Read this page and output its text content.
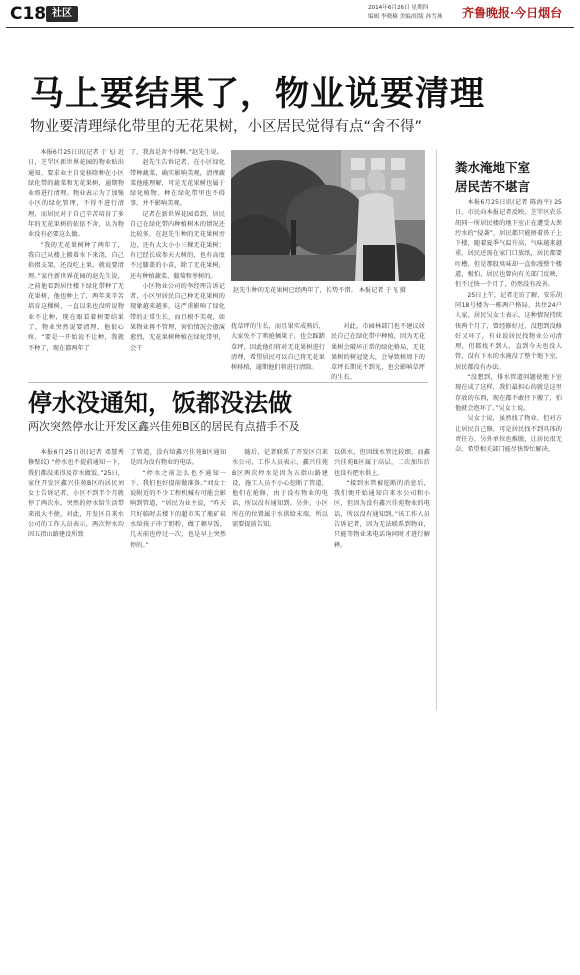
C18 社区	2014年6月26日 星期四
编辑 李晓楠 美编/组版 孙雪燕 齐鲁晚报·今日烟台
马上要结果了，物业说要清理
物业要清理绿化带里的无花果树，小区居民觉得有点“舍不得”

本报6月25日讯(记者 于飞) 近日，芝罘区新世界花园的物业贴出通知，要求业主自觉移除种在小区绿化带的蔬菜和无花果树，逾期物业将进行清理。物业表示为了加强小区的绿化管理，不得不进行清理，而居民对于自己辛苦培育了多年的无花果树的依依不舍，认为物业没有必要这么做。

“我的无花果树种了两年了，我自己从楼上搬着水下来浇，自己拾掇支架，还没吃上果，就说要清理。”家住新世界花园的赵先生说，之前他看到居住楼下绿化带种了无花果树，他也种上了，两年来辛苦培育这棵树，一直以来也没听说物业不让种，现在眼看着树要结果了，物业突然说要清理，他很心疼，“要是一开始说不让种，我就不种了，现在都两年了

了，我真是舍不得啊。”赵先生说。

赵先生告诉记者，在小区绿化带种蔬菜，确实影响美观，清理蔬菜他能理解，可是无花果树也属于绿化植物，种在绿化带里也不碍事，并不影响美观。

记者在新世界花园看到，居民自己在绿化带内种植树木的情况还比较多，在赵先生种的无花果树旁边，还有大大小小三棵无花果树；有已经长成参天大树的，也有高度不过膝盖的小苗，除了无花果树，还有种植蔬菜、葡萄和枣树的。

小区物业公司的李经理告诉记者，小区里居民自己种无花果树的现象越来越多，这严重影响了绿化带的正常生长，而且根不美观，如果物业再不管理，害怕情况会愈演愈烈，无花果树种植在绿化带里，会干

赵先生种的无花果树已经两年了，长势不错。 本报记者 于飞 摄

扰草坪的生长，而且果实成熟后，大家免不了哄抢摘果子，也会踩踏草坪，因此他们将对无花果树进行清理，希望居民可以自己将无花果树移植，逾期他们将进行清除。

对此，市园林部门也不建议居民自己在绿化带中种植，因为无花果树会破坏正常的绿化格局，无花果树的树冠宽大，会导致树周下的草坪长期见不到光，也会影响草坪的生长。

粪水淹地下室
居民苦不堪言

本报6月25日讯(记者 陈海平) 25日，市民向本报记者反映，芝罘区农乐胡同一所居民楼的地下室正在遭受大粪污水的“侵袭”，居民都只能捂着鼻子上下楼，随着夏季气温升高，气味越来越重，居民还需在家门口放纸，居民都要吐槽，但是那股臭味却一直弥漫整个楼道，极怕，居民也曾向有关部门反映，但不过快一个月了，仍然没有改善。

25日上午，记者走访了解，安乐胡同18号楼为一栋两户格局，共住24户人家。居民吴女士表示，这种情况持续快两个月了，曾经修好过，没想到没修好又坏了，有业说居民找物业公司清理，但都找不到人，直到今天也没人管，没有下水的水淹没了整个地下室，居民都没有办法。

“没想到，排水管道问题使地下室现在成了这样，我们最担心的就是这里存放的东西，现在都不敢往下搬了，怕他就会泡坏了。”吴女士说。

吴女士说，虽然找了物业，但对方让居民自己修，可是居民找不到具体的责任方，另外单位也推脱，让居民很无奈，希望相关部门能尽快帮忙解决。

停水没通知，饭都没法做
两次突然停水让开发区鑫兴佳苑B区的居民有点措手不及

本报6月25日讯(记者 邓慧秀 修壁纹) “停水也不提前通知一下，我们都没来得及存水做饭。”25日，家住开发区鑫兴佳苑B区的居民刘女士告诉记者，小区不到半个月就停了两次水，突然的停水给生活带来很大不便，对此，开发区自来水公司的工作人员表示，两次停水均因五指山路建设所致

了管道，没有给鑫兴佳苑B区通知是因为没有物业的电话。

“停水之前怎么也不通知一下，我们也好提前做准备。”刘女士说附近的不少工程机械有可能会影响到管道，“居民为业主说，“昨天只好临时去楼下的超市买了瓶矿泉水给孩子冲了奶粉，做了顿早饭，几天前也停过一次，也是早上突然停的。”

随后，记者联系了开发区自来水公司，工作人员表示，鑫兴佳苑B区两次停水是因为五指山路建设，施工人员不小心挖断了管道，他们在抢修，由于没有物业的电话，所以没有通知到。另外，小区所在的位置属于水供给末端，所以需要提前告知。

以供水，但因线水管比较细，而鑫兴佳苑B区属于高层，二次加压后也没有把水供上。

“接到水管被挖断的消息后，我们便开始通知自来水公司和小区，但因为没有鑫兴佳苑物业的电话，所以没有通知到。”该工作人员告诉记者，因为无法联系到物业，只能等物业来电话询问时才进行解释。
